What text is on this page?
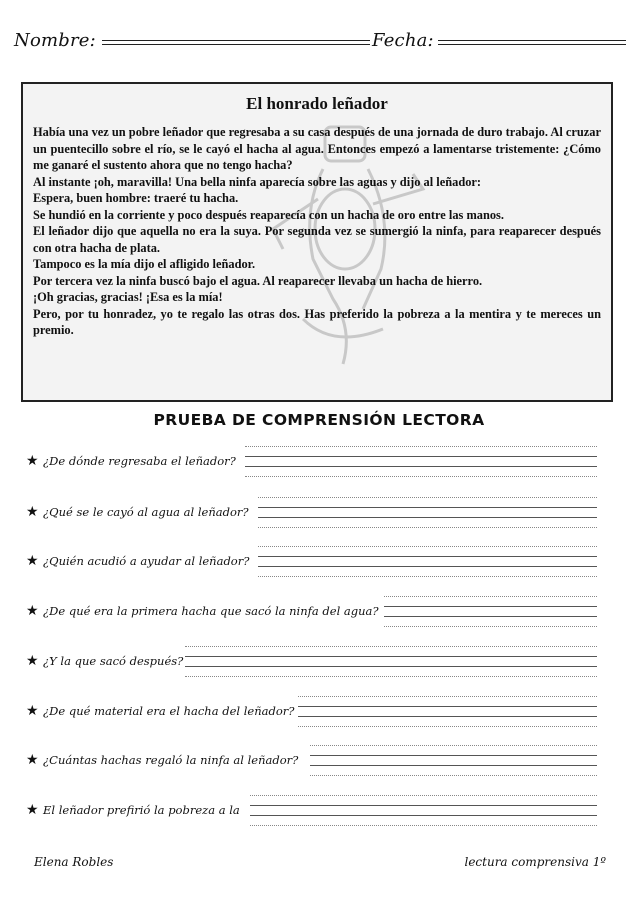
Nombre:	Fecha:
El honrado leñador

Había una vez un pobre leñador que regresaba a su casa después de una jornada de duro trabajo. Al cruzar un puentecillo sobre el río, se le cayó el hacha al agua. Entonces empezó a lamentarse tristemente: ¿Cómo me ganaré el sustento ahora que no tengo hacha?

Al instante ¡oh, maravilla! Una bella ninfa aparecía sobre las aguas y dijo al leñador:

Espera, buen hombre: traeré tu hacha.

Se hundió en la corriente y poco después reaparecía con un hacha de oro entre las manos.

El leñador dijo que aquella no era la suya. Por segunda vez se sumergió la ninfa, para reaparecer después con otra hacha de plata.

Tampoco es la mía dijo el afligido leñador.

Por tercera vez la ninfa buscó bajo el agua. Al reaparecer llevaba un hacha de hierro.

¡Oh gracias, gracias! ¡Esa es la mía!

Pero, por tu honradez, yo te regalo las otras dos. Has preferido la pobreza a la mentira y te mereces un premio.

PRUEBA DE COMPRENSIÓN LECTORA
★ ¿De dónde regresaba el leñador?
★ ¿Qué se le cayó al agua al leñador?
★ ¿Quién acudió a ayudar al leñador?
★ ¿De qué era la primera hacha que sacó la ninfa del agua?
★ ¿Y la que sacó después?
★ ¿De qué material era el hacha del leñador?
★ ¿Cuántas hachas regaló la ninfa al leñador?
★ El leñador prefirió la pobreza a la
Elena Robles	lectura comprensiva 1º
